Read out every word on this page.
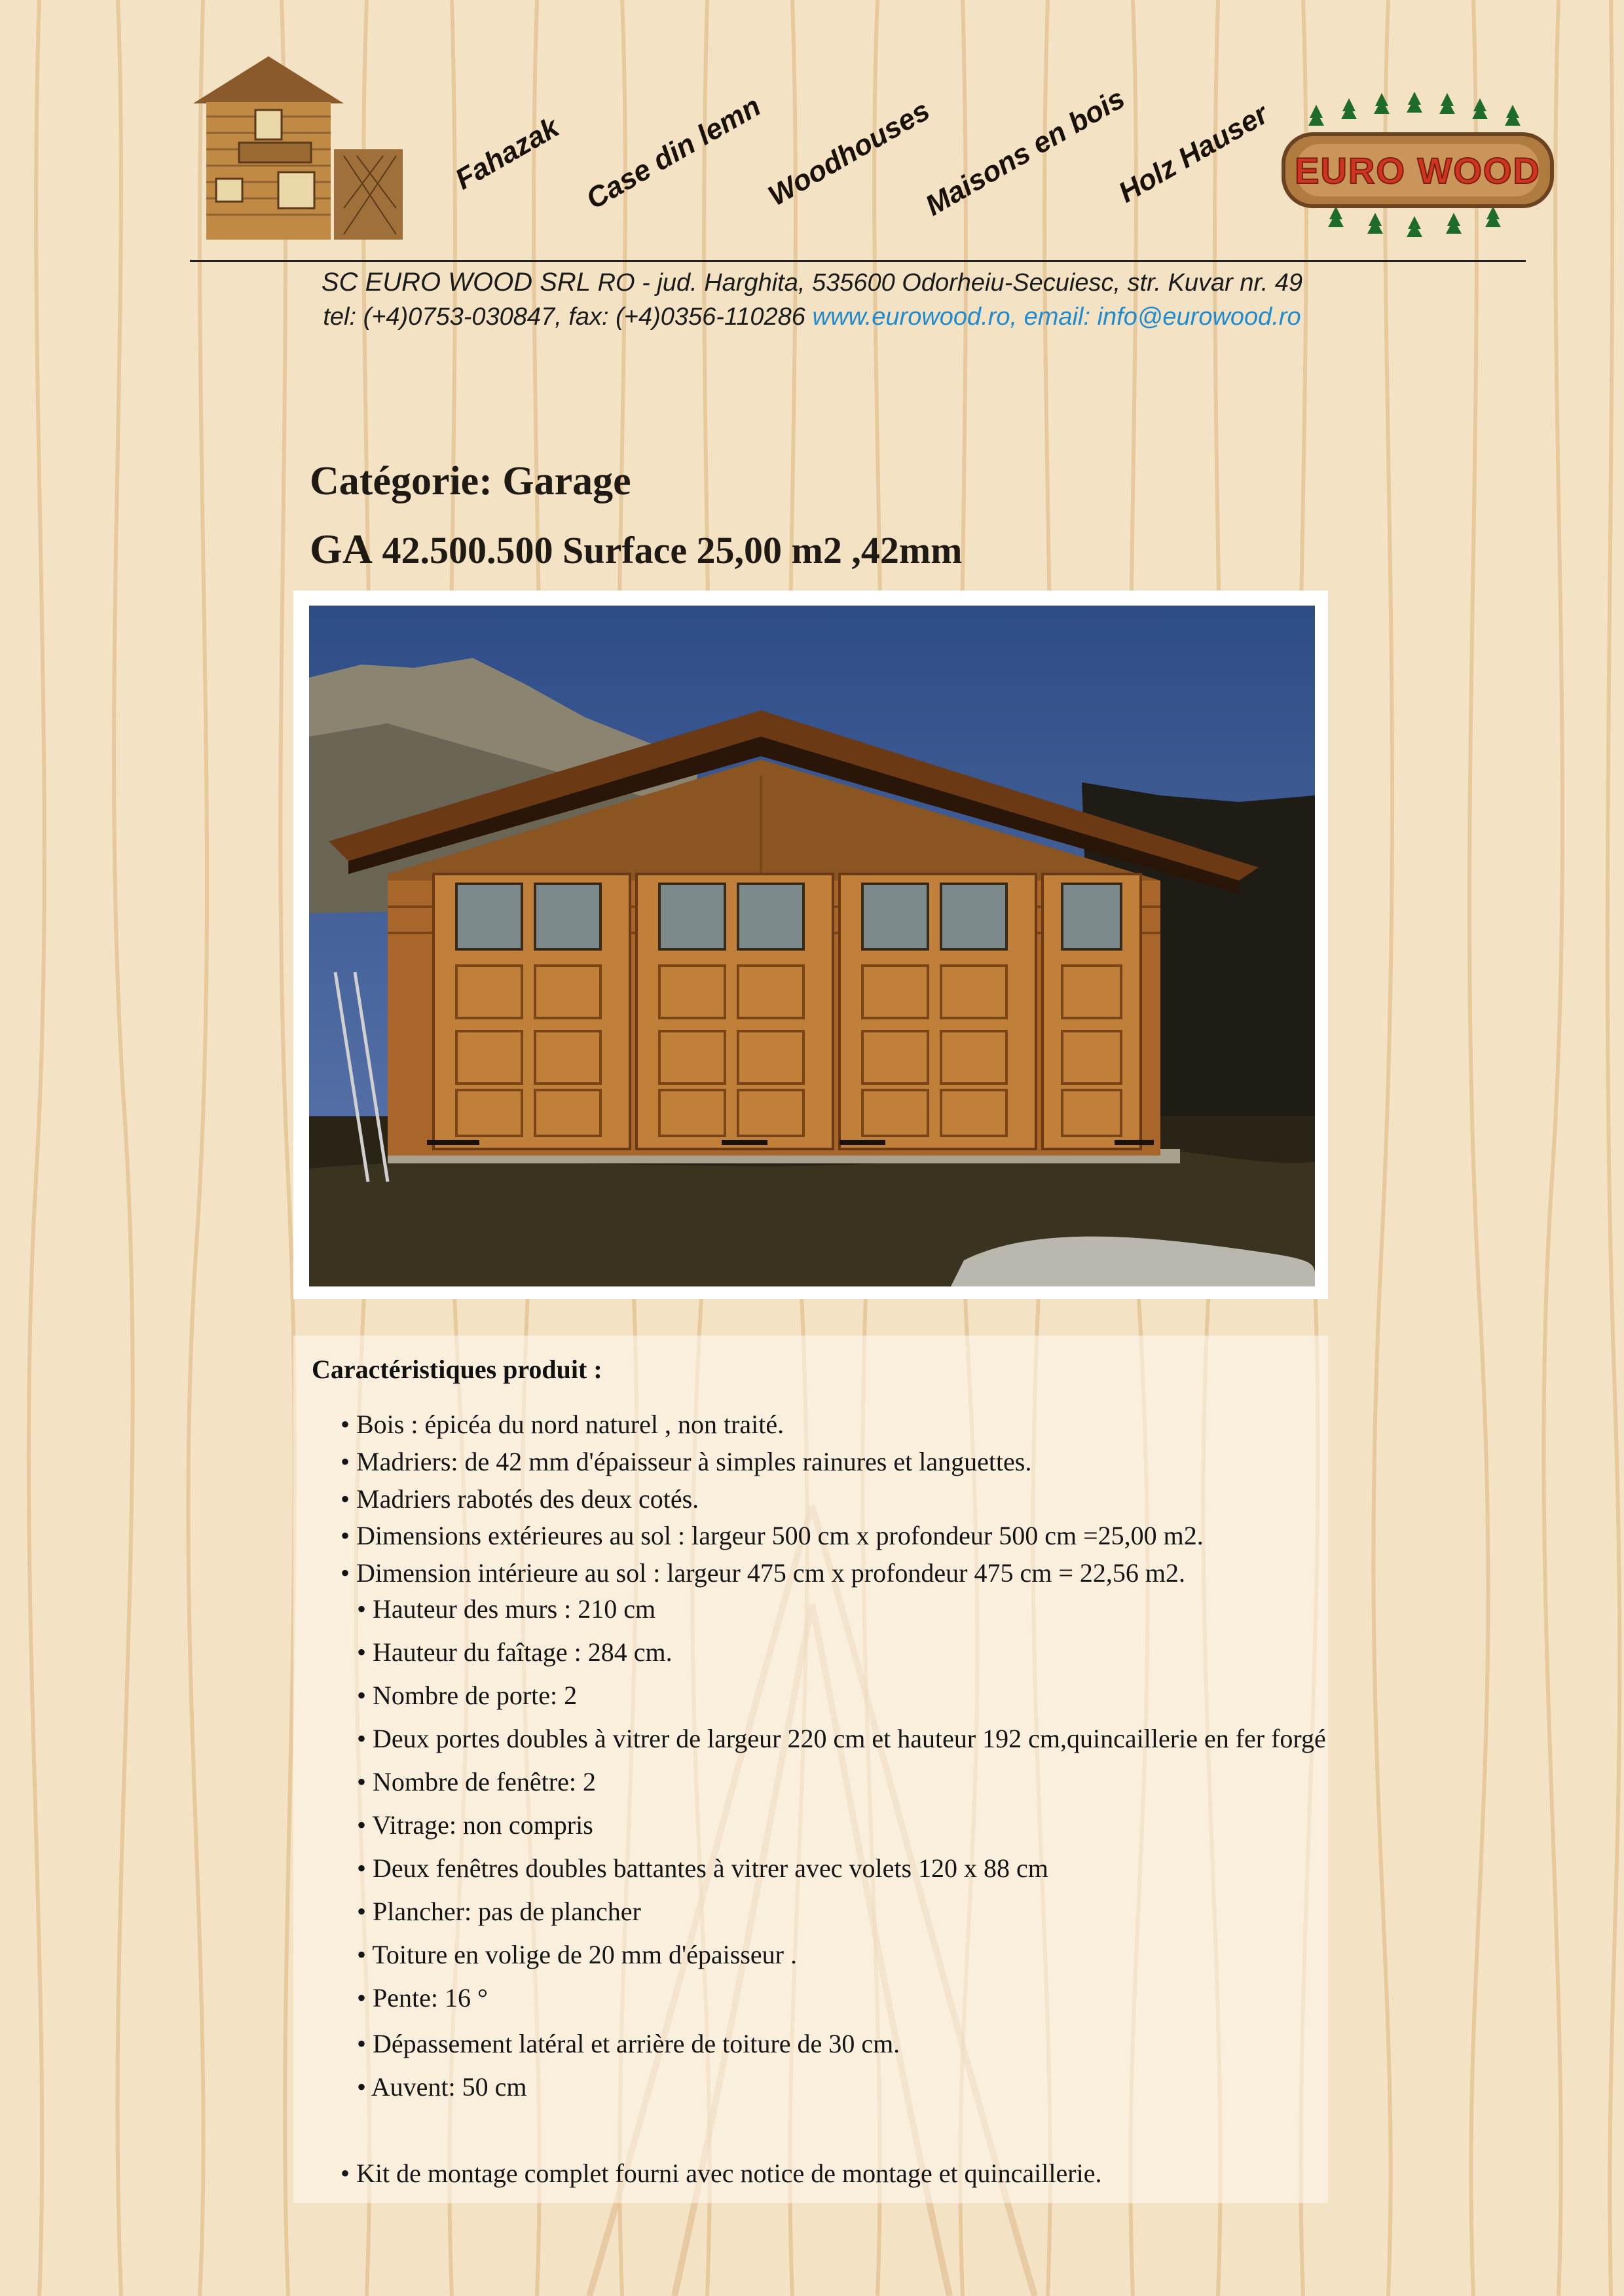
Fahazak Case din lemn
Woodhouses
Maisons en bois
Holz Hauser EURO WOOD
SC EURO WOOD SRL RO - jud. Harghita, 535600 Odorheiu-Secuiesc, str. Kuvar nr. 49
tel: (+4)0753-030847, fax: (+4)0356-110286 www.eurowood.ro, email: info@eurowood.ro
Catégorie: Garage
GA 42.500.500 Surface 25,00 m2 ,42mm
Caractéristiques produit :
• Bois : épicéa du nord naturel , non traité.
• Madriers: de 42 mm d'épaisseur à simples rainures et languettes.
• Madriers rabotés des deux cotés.
• Dimensions extérieures au sol : largeur 500 cm x profondeur 500 cm =25,00 m2.
• Dimension intérieure au sol : largeur 475 cm x profondeur 475 cm = 22,56 m2.
• Hauteur des murs : 210 cm
• Hauteur du faîtage : 284 cm.
• Nombre de porte: 2
• Deux portes doubles à vitrer de largeur 220 cm et hauteur 192 cm,quincaillerie en fer forgé
• Nombre de fenêtre: 2
• Vitrage: non compris
• Deux fenêtres doubles battantes à vitrer avec volets 120 x 88 cm
• Plancher: pas de plancher
• Toiture en volige de 20 mm d'épaisseur .
• Pente: 16 °
• Dépassement latéral et arrière de toiture de 30 cm.
• Auvent: 50 cm
• Kit de montage complet fourni avec notice de montage et quincaillerie.
